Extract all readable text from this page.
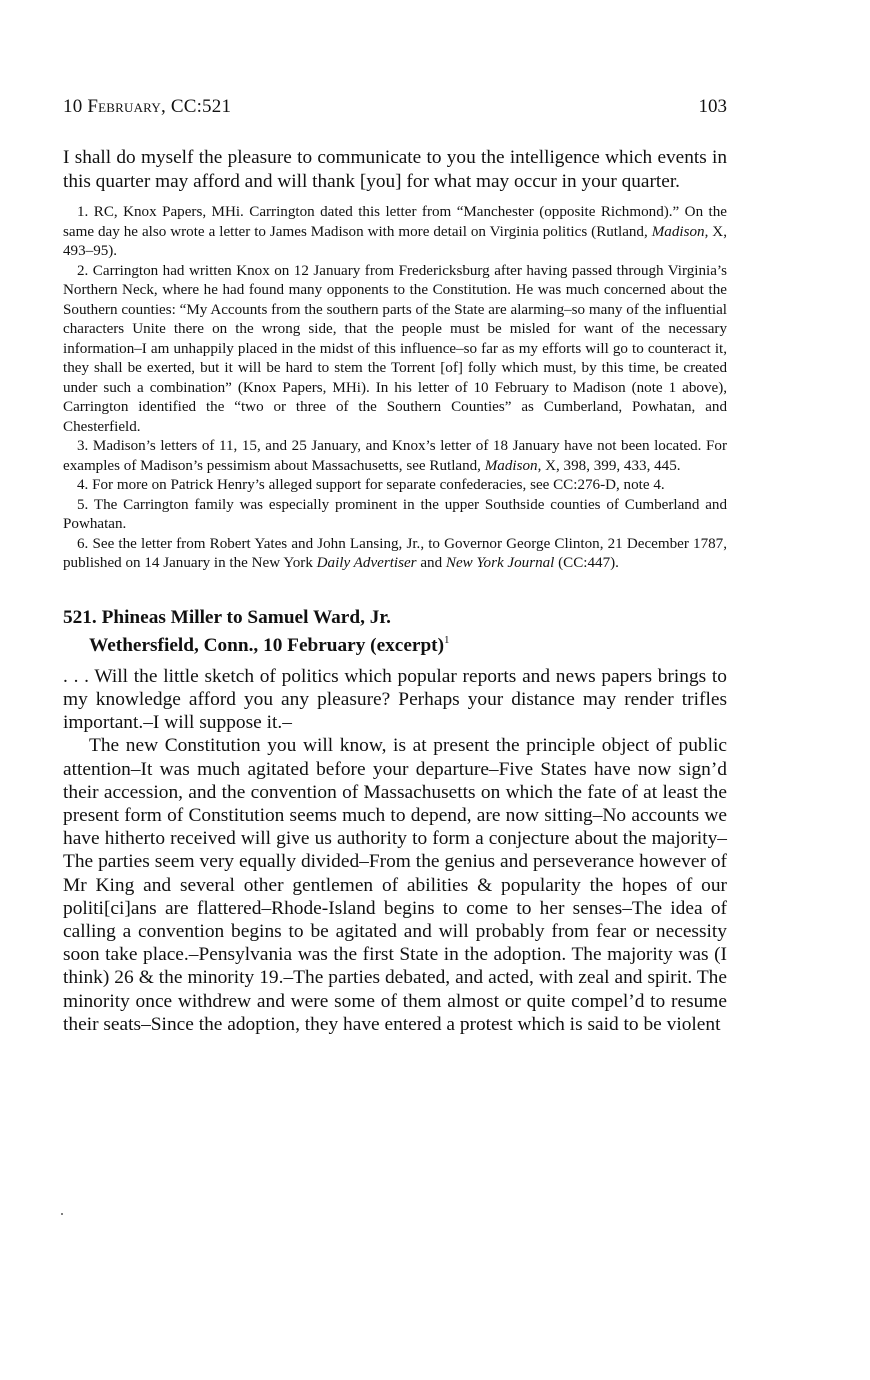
10 February, CC:521	103

I shall do myself the pleasure to communicate to you the intelligence which events in this quarter may afford and will thank [you] for what may occur in your quarter.

1. RC, Knox Papers, MHi. Carrington dated this letter from “Manchester (opposite Richmond).” On the same day he also wrote a letter to James Madison with more detail on Virginia politics (Rutland, Madison, X, 493–95).

2. Carrington had written Knox on 12 January from Fredericksburg after having passed through Virginia’s Northern Neck, where he had found many opponents to the Constitution. He was much concerned about the Southern counties: “My Accounts from the southern parts of the State are alarming–so many of the influential characters Unite there on the wrong side, that the people must be misled for want of the necessary information–I am unhappily placed in the midst of this influence–so far as my efforts will go to counteract it, they shall be exerted, but it will be hard to stem the Torrent [of] folly which must, by this time, be created under such a combination” (Knox Papers, MHi). In his letter of 10 February to Madison (note 1 above), Carrington identified the “two or three of the Southern Counties” as Cumberland, Powhatan, and Chesterfield.

3. Madison’s letters of 11, 15, and 25 January, and Knox’s letter of 18 January have not been located. For examples of Madison’s pessimism about Massachusetts, see Rutland, Madison, X, 398, 399, 433, 445.

4. For more on Patrick Henry’s alleged support for separate confederacies, see CC:276-D, note 4.

5. The Carrington family was especially prominent in the upper Southside counties of Cumberland and Powhatan.

6. See the letter from Robert Yates and John Lansing, Jr., to Governor George Clinton, 21 December 1787, published on 14 January in the New York Daily Advertiser and New York Journal (CC:447).

521. Phineas Miller to Samuel Ward, Jr.
Wethersfield, Conn., 10 February (excerpt)$^1$

. . . Will the little sketch of politics which popular reports and news papers brings to my knowledge afford you any pleasure? Perhaps your distance may render trifles important.–I will suppose it.–

The new Constitution you will know, is at present the principle object of public attention–It was much agitated before your departure–Five States have now sign’d their accession, and the convention of Massachusetts on which the fate of at least the present form of Constitution seems much to depend, are now sitting–No accounts we have hitherto received will give us authority to form a conjecture about the majority–The parties seem very equally divided–From the genius and perseverance however of Mr King and several other gentlemen of abilities & popularity the hopes of our politi[ci]ans are flattered–Rhode-Island begins to come to her senses–The idea of calling a convention begins to be agitated and will probably from fear or necessity soon take place.–Pensylvania was the first State in the adoption. The majority was (I think) 26 & the minority 19.–The parties debated, and acted, with zeal and spirit. The minority once withdrew and were some of them almost or quite compel’d to resume their seats–Since the adoption, they have entered a protest which is said to be violent
